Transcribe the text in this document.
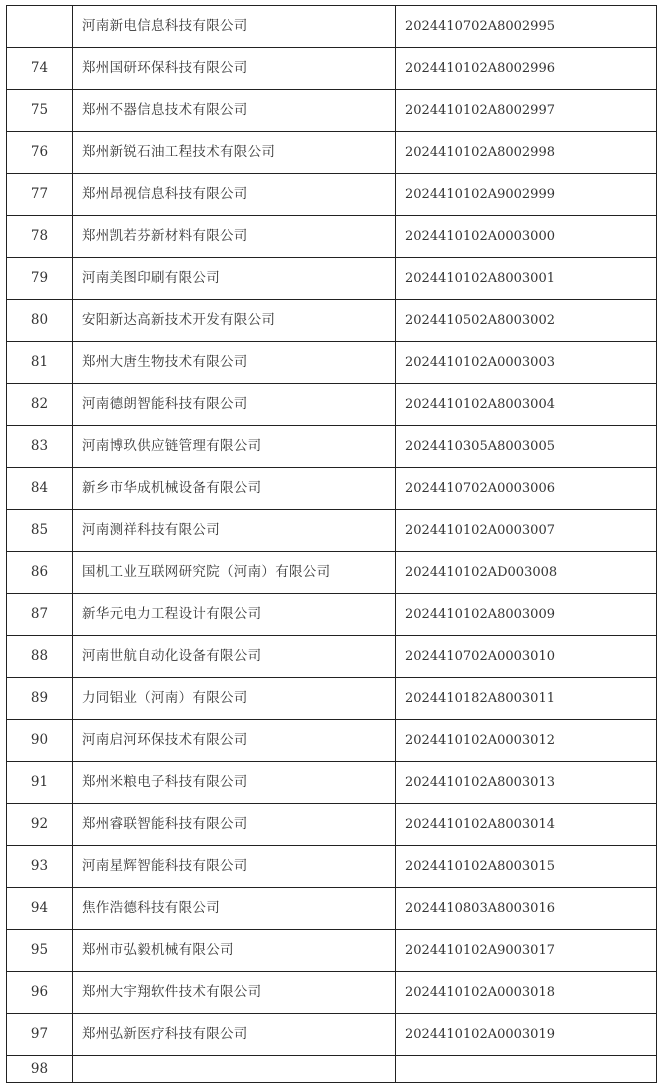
	河南新电信息科技有限公司	2024410702A8002995
74	郑州国研环保科技有限公司	2024410102A8002996
75	郑州不器信息技术有限公司	2024410102A8002997
76	郑州新锐石油工程技术有限公司	2024410102A8002998
77	郑州昂视信息科技有限公司	2024410102A9002999
78	郑州凯若芬新材料有限公司	2024410102A0003000
79	河南美图印刷有限公司	2024410102A8003001
80	安阳新达高新技术开发有限公司	2024410502A8003002
81	郑州大唐生物技术有限公司	2024410102A0003003
82	河南德朗智能科技有限公司	2024410102A8003004
83	河南博玖供应链管理有限公司	2024410305A8003005
84	新乡市华成机械设备有限公司	2024410702A0003006
85	河南测祥科技有限公司	2024410102A0003007
86	国机工业互联网研究院（河南）有限公司	2024410102AD003008
87	新华元电力工程设计有限公司	2024410102A8003009
88	河南世航自动化设备有限公司	2024410702A0003010
89	力同铝业（河南）有限公司	2024410182A8003011
90	河南启河环保技术有限公司	2024410102A0003012
91	郑州米粮电子科技有限公司	2024410102A8003013
92	郑州睿联智能科技有限公司	2024410102A8003014
93	河南星辉智能科技有限公司	2024410102A8003015
94	焦作浩德科技有限公司	2024410803A8003016
95	郑州市弘毅机械有限公司	2024410102A9003017
96	郑州大宇翔软件技术有限公司	2024410102A0003018
97	郑州弘新医疗科技有限公司	2024410102A0003019
98		
